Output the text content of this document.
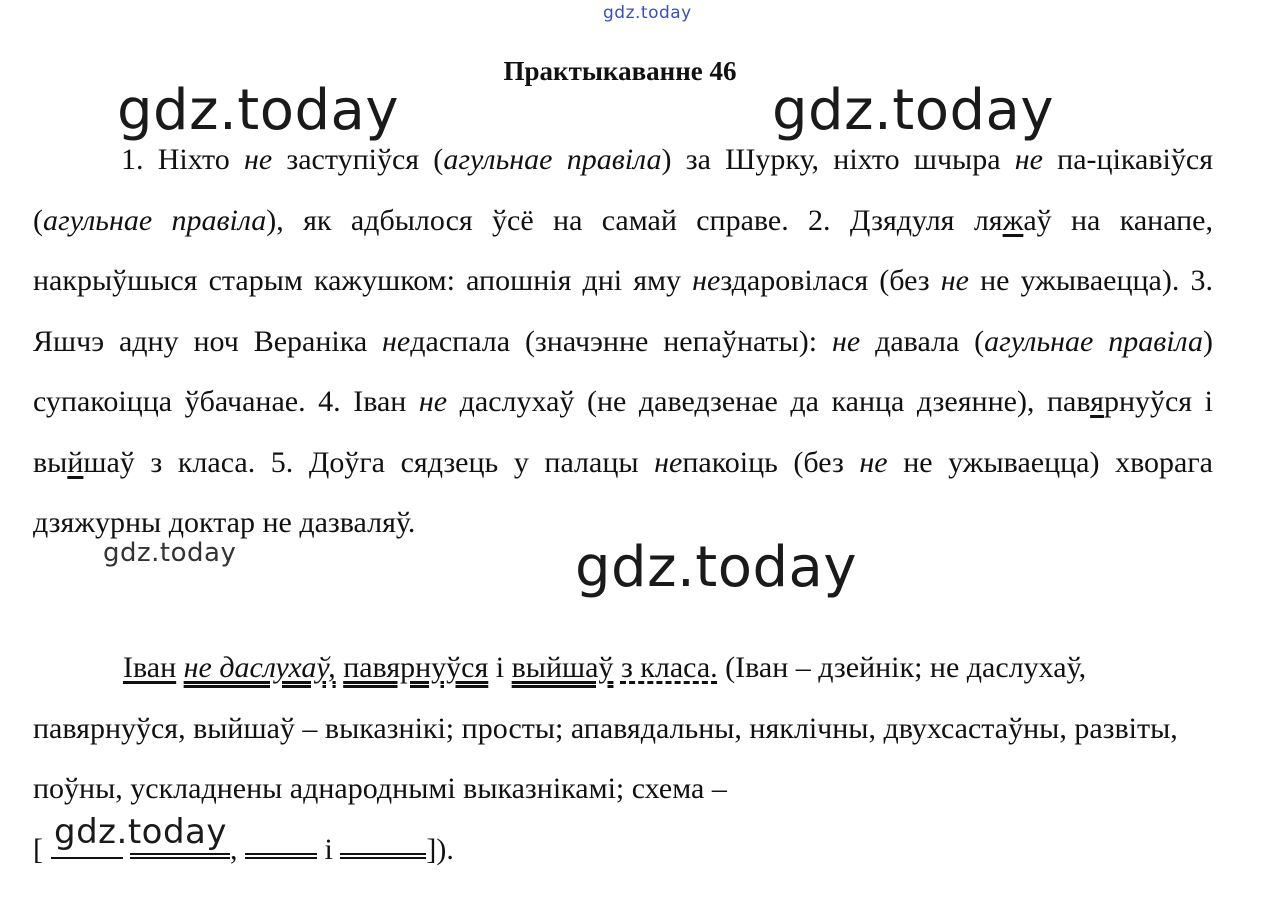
gdz.today
Практыкаванне 46
1. Ніхто не заступіўся (агульнае правіла) за Шурку, ніхто шчыра не па-цікавіўся (агульнае правіла), як адбылося ўсё на самай справе. 2. Дзядуля ляжаў на канапе, накрыўшыся старым кажушком: апошнія дні яму нездаровілася (без не не ужываецца). 3. Яшчэ адну ноч Вераніка недаспала (значэнне непаўнаты): не давала (агульнае правіла) супакоіцца ўбачанае. 4. Іван не даслухаў (не даведзенае да канца дзеянне), павярнуўся і выйшаў з класа. 5. Доўга сядзець у палацы непакоіць (без не не ужываецца) хворага дзяжурны доктар не дазваляў.
Іван не даслухаў, павярнуўся і выйшаў з класа. (Іван – дзейнік; не даслухаў, павярнуўся, выйшаў – выказнікі; просты; апавядальны, няклічны, двухсастаўны, развіты, поўны, ускладнены аднароднымі выказнікамі; схема –
[	,	і	]).
gdz.today	gdz.today
gdz.today	gdz.today
gdz.today
